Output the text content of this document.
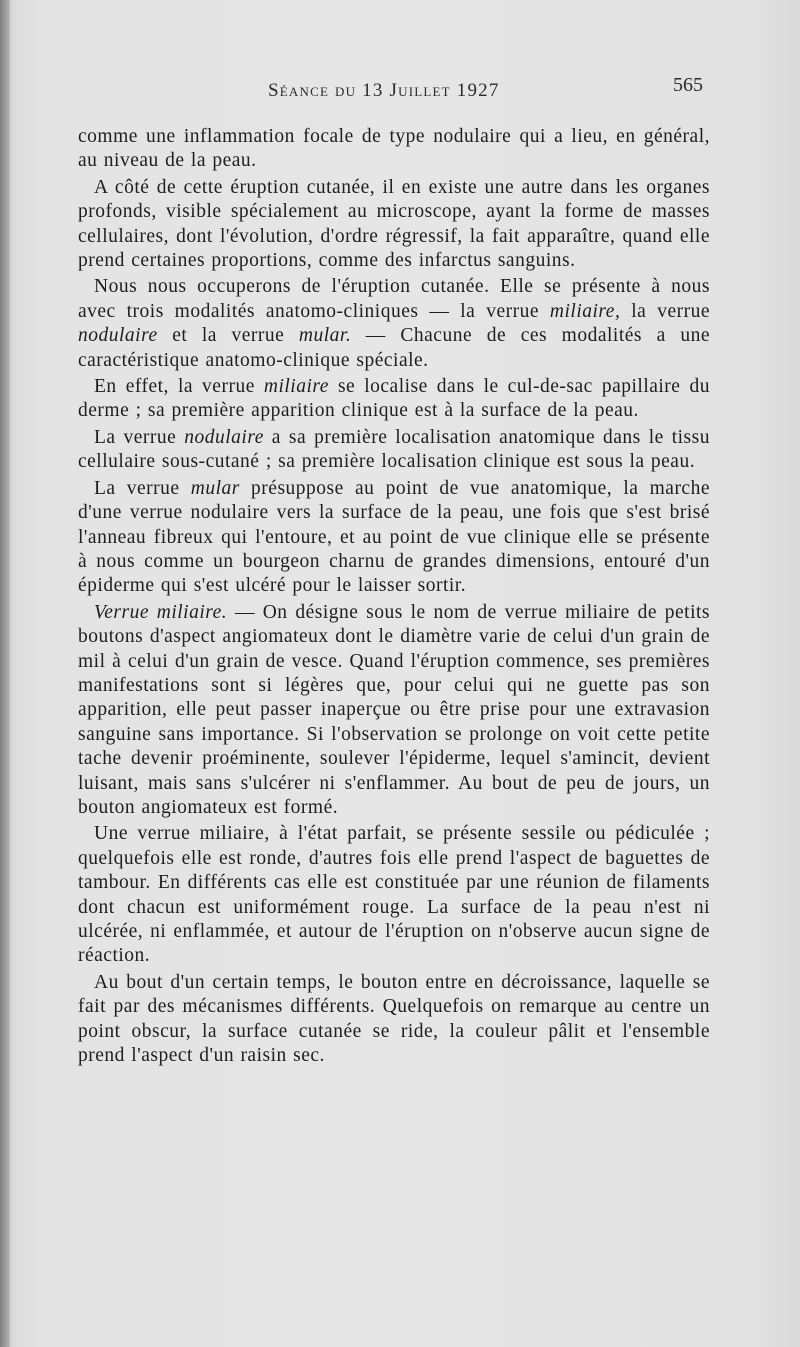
Séance du 13 Juillet 1927	565

comme une inflammation focale de type nodulaire qui a lieu, en général, au niveau de la peau.

A côté de cette éruption cutanée, il en existe une autre dans les organes profonds, visible spécialement au microscope, ayant la forme de masses cellulaires, dont l'évolution, d'ordre régressif, la fait apparaître, quand elle prend certaines proportions, comme des infarctus sanguins.

Nous nous occuperons de l'éruption cutanée. Elle se présente à nous avec trois modalités anatomo-cliniques — la verrue miliaire, la verrue nodulaire et la verrue mular. — Chacune de ces modalités a une caractéristique anatomo-clinique spéciale.

En effet, la verrue miliaire se localise dans le cul-de-sac papillaire du derme ; sa première apparition clinique est à la surface de la peau.

La verrue nodulaire a sa première localisation anatomique dans le tissu cellulaire sous-cutané ; sa première localisation clinique est sous la peau.

La verrue mular présuppose au point de vue anatomique, la marche d'une verrue nodulaire vers la surface de la peau, une fois que s'est brisé l'anneau fibreux qui l'entoure, et au point de vue clinique elle se présente à nous comme un bourgeon charnu de grandes dimensions, entouré d'un épiderme qui s'est ulcéré pour le laisser sortir.

Verrue miliaire. — On désigne sous le nom de verrue miliaire de petits boutons d'aspect angiomateux dont le diamètre varie de celui d'un grain de mil à celui d'un grain de vesce. Quand l'éruption commence, ses premières manifestations sont si légères que, pour celui qui ne guette pas son apparition, elle peut passer inaperçue ou être prise pour une extravasion sanguine sans importance. Si l'observation se prolonge on voit cette petite tache devenir proéminente, soulever l'épiderme, lequel s'amincit, devient luisant, mais sans s'ulcérer ni s'enflammer. Au bout de peu de jours, un bouton angiomateux est formé.

Une verrue miliaire, à l'état parfait, se présente sessile ou pédiculée ; quelquefois elle est ronde, d'autres fois elle prend l'aspect de baguettes de tambour. En différents cas elle est constituée par une réunion de filaments dont chacun est uniformément rouge. La surface de la peau n'est ni ulcérée, ni enflammée, et autour de l'éruption on n'observe aucun signe de réaction.

Au bout d'un certain temps, le bouton entre en décroissance, laquelle se fait par des mécanismes différents. Quelquefois on remarque au centre un point obscur, la surface cutanée se ride, la couleur pâlit et l'ensemble prend l'aspect d'un raisin sec.
